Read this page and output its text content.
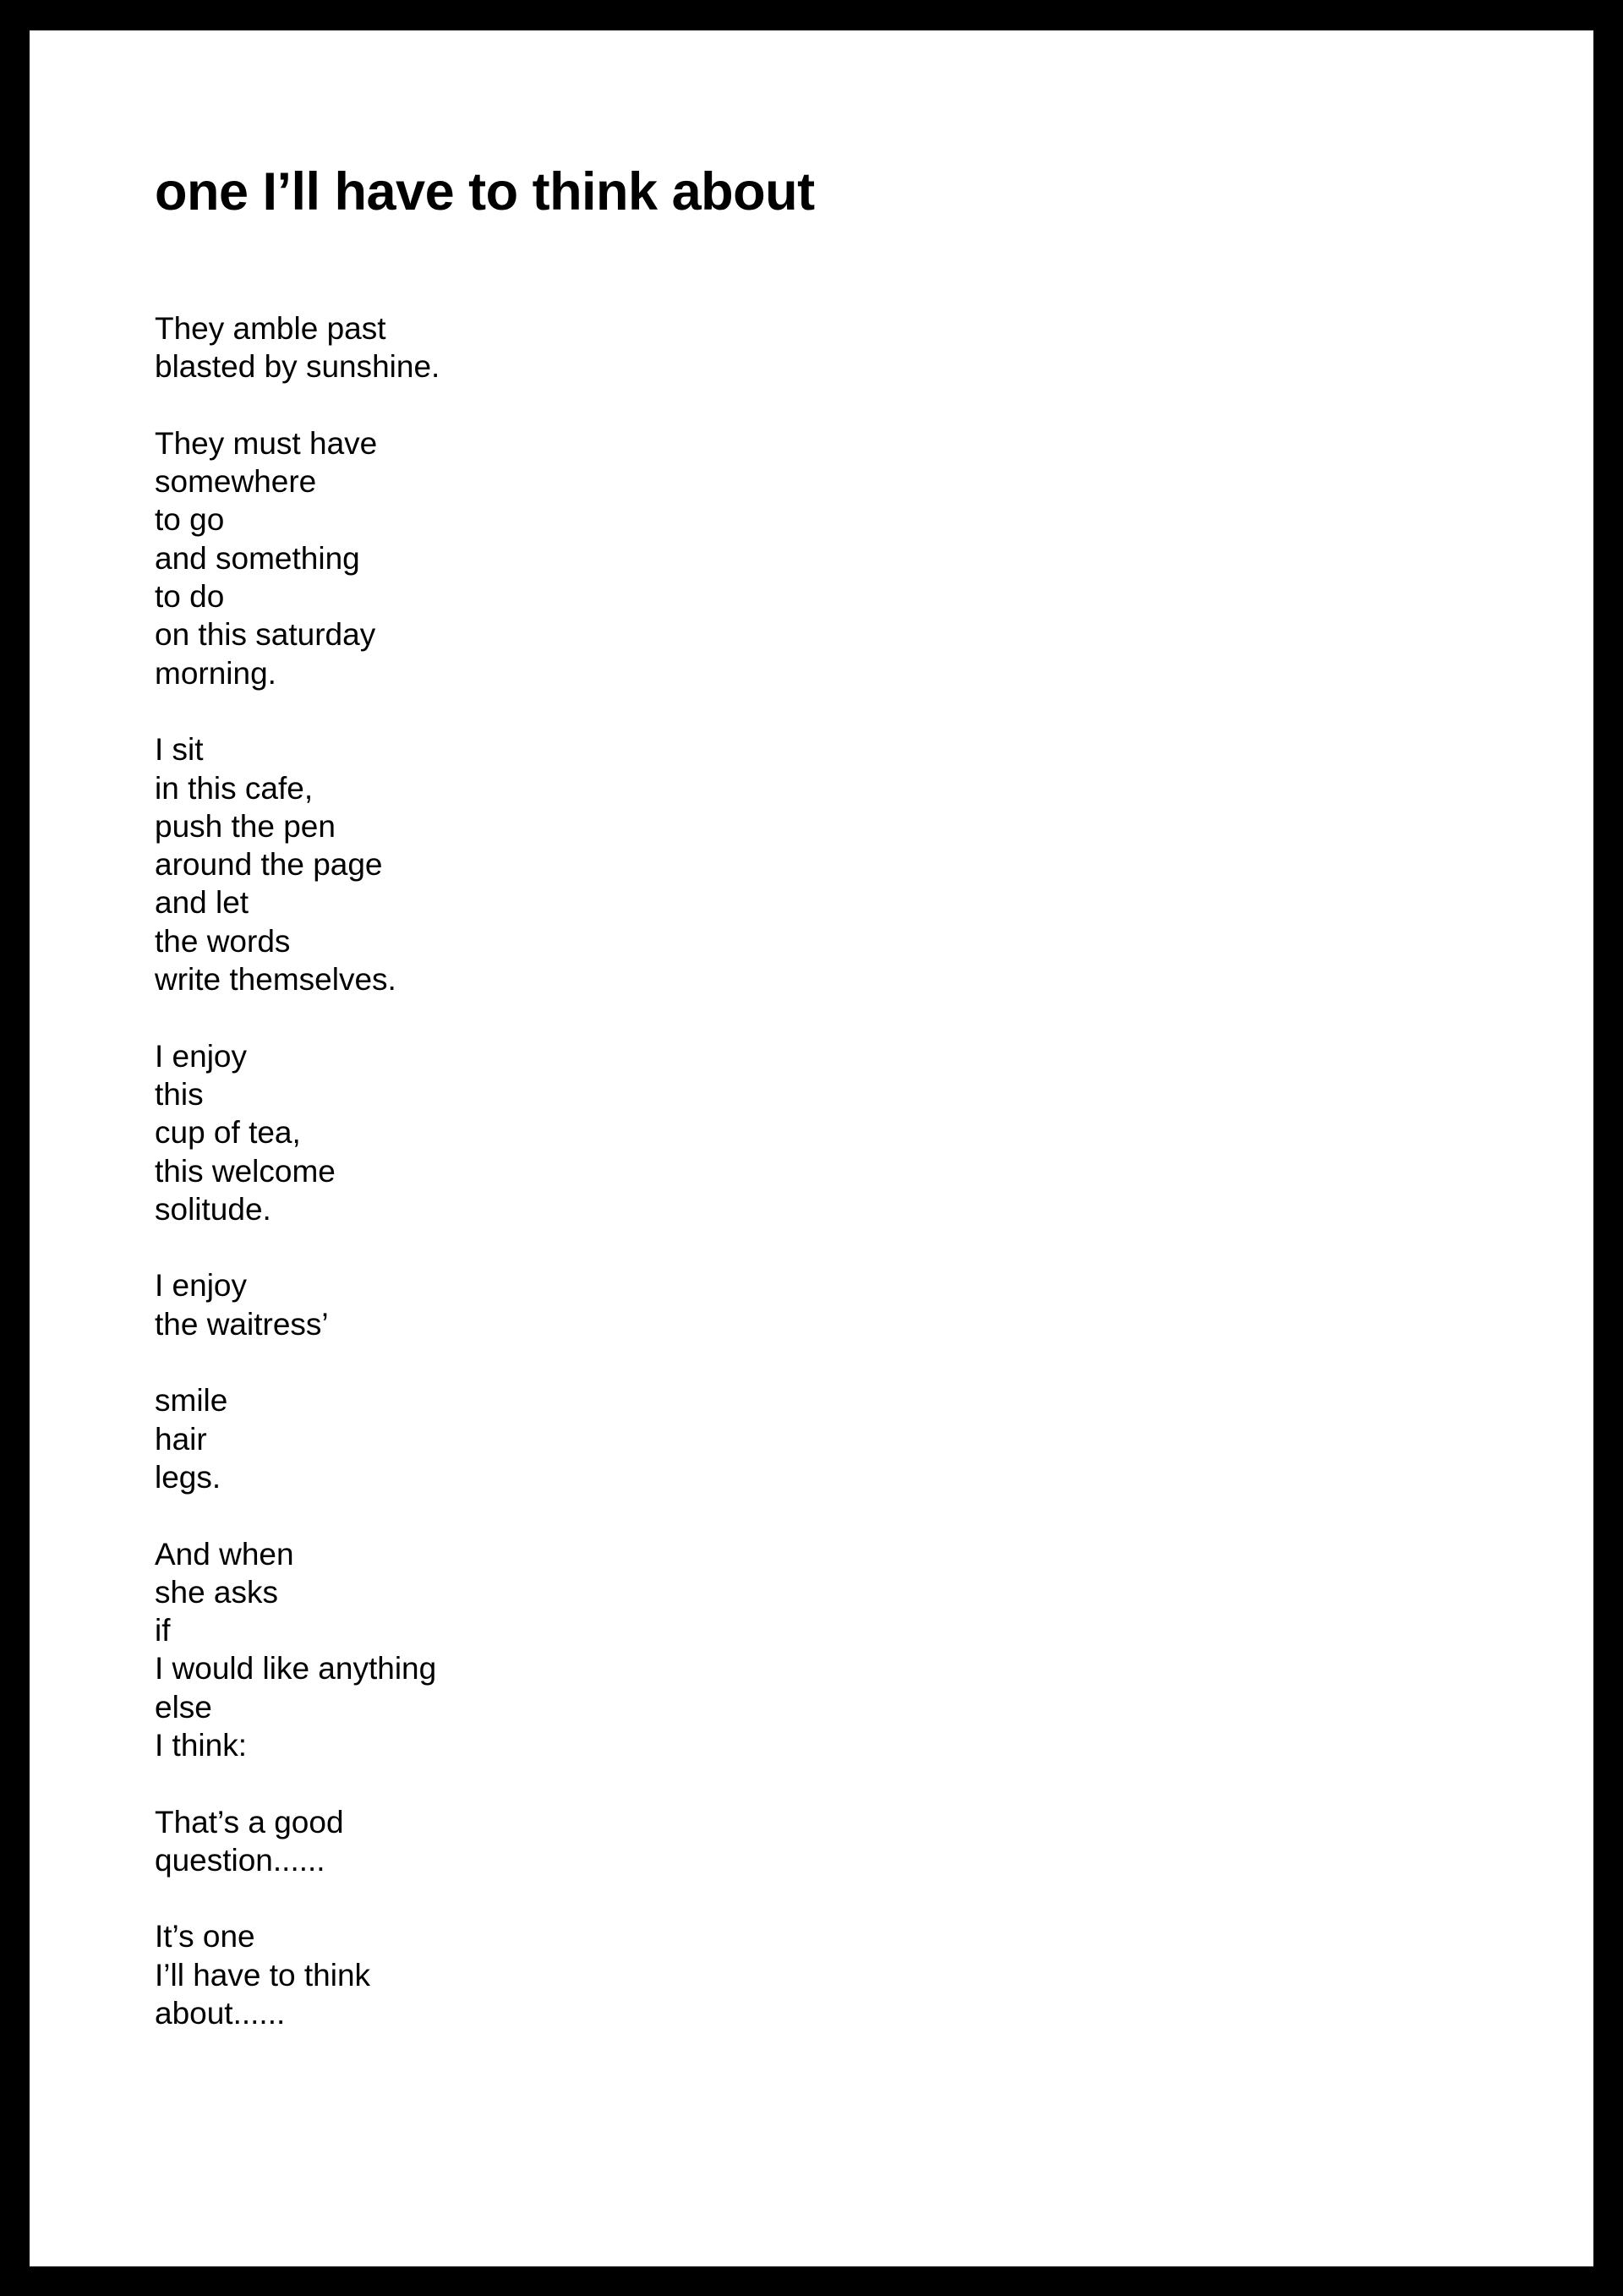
one I’ll have to think about
They amble past
blasted by sunshine.
They must have
somewhere
to go
and something
to do
on this saturday
morning.
I sit
in this cafe,
push the pen
around the page
and let
the words
write themselves.
I enjoy
this
cup of tea,
this welcome
solitude.
I enjoy
the waitress’
smile
hair
legs.
And when
she asks
if
I would like anything
else
I think:
That’s a good
question......
It’s one
I’ll have to think
about......
